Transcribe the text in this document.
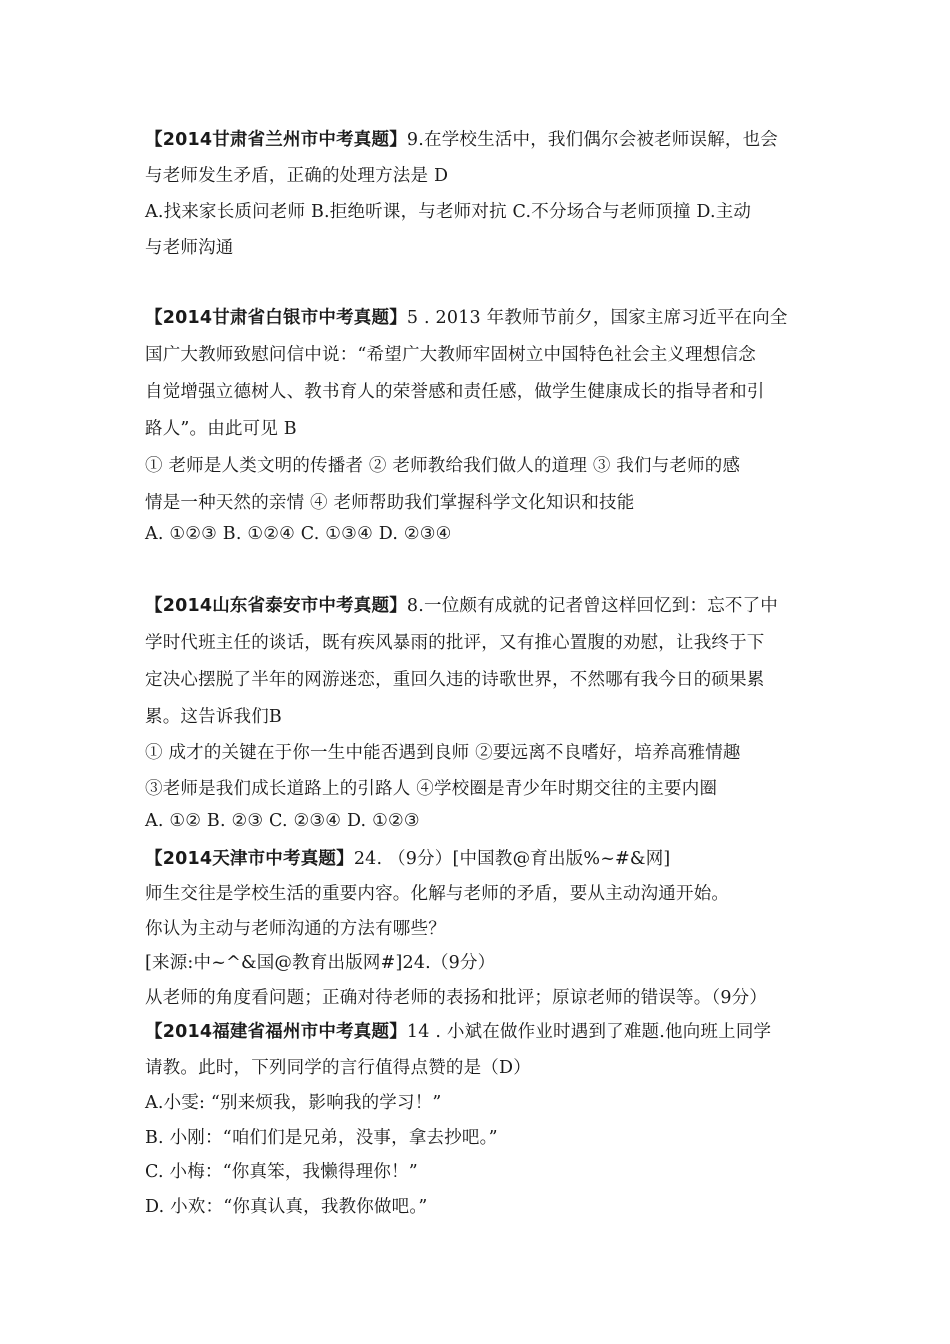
【2014甘肃省兰州市中考真题】9.在学校生活中，我们偶尔会被老师误解，也会
与老师发生矛盾，正确的处理方法是 D
A.找来家长质问老师 B.拒绝听课，与老师对抗 C.不分场合与老师顶撞 D.主动
与老师沟通
【2014甘肃省白银市中考真题】5 . 2013 年教师节前夕，国家主席习近平在向全
国广大教师致慰问信中说：“希望广大教师牢固树立中国特色社会主义理想信念
自觉增强立德树人、教书育人的荣誉感和责任感，做学生健康成长的指导者和引
路人”。由此可见 B
① 老师是人类文明的传播者 ② 老师教给我们做人的道理 ③ 我们与老师的感
情是一种天然的亲情 ④ 老师帮助我们掌握科学文化知识和技能
A. ①②③ B. ①②④ C. ①③④ D. ②③④
【2014山东省泰安市中考真题】8.一位颇有成就的记者曾这样回忆到：忘不了中
学时代班主任的谈话，既有疾风暴雨的批评，又有推心置腹的劝慰，让我终于下
定决心摆脱了半年的网游迷恋，重回久违的诗歌世界，不然哪有我今日的硕果累
累。这告诉我们B
① 成才的关键在于你一生中能否遇到良师 ②要远离不良嗜好，培养高雅情趣
③老师是我们成长道路上的引路人 ④学校圈是青少年时期交往的主要内圈
A. ①② B. ②③ C. ②③④ D. ①②③
【2014天津市中考真题】24. （9分）[中国教@育出版%~#&网]
师生交往是学校生活的重要内容。化解与老师的矛盾，要从主动沟通开始。
你认为主动与老师沟通的方法有哪些？
[来源:中~^&国@教育出版网#]24.（9分）
从老师的角度看问题；正确对待老师的表扬和批评；原谅老师的错误等。（9分）
【2014福建省福州市中考真题】14 . 小斌在做作业时遇到了难题.他向班上同学
请教。此时，下列同学的言行值得点赞的是（D）
A.小雯: “别来烦我，影响我的学习！”
B. 小刚：“咱们们是兄弟，没事，拿去抄吧。”
C. 小梅：“你真笨，我懒得理你！”
D. 小欢：“你真认真，我教你做吧。”
